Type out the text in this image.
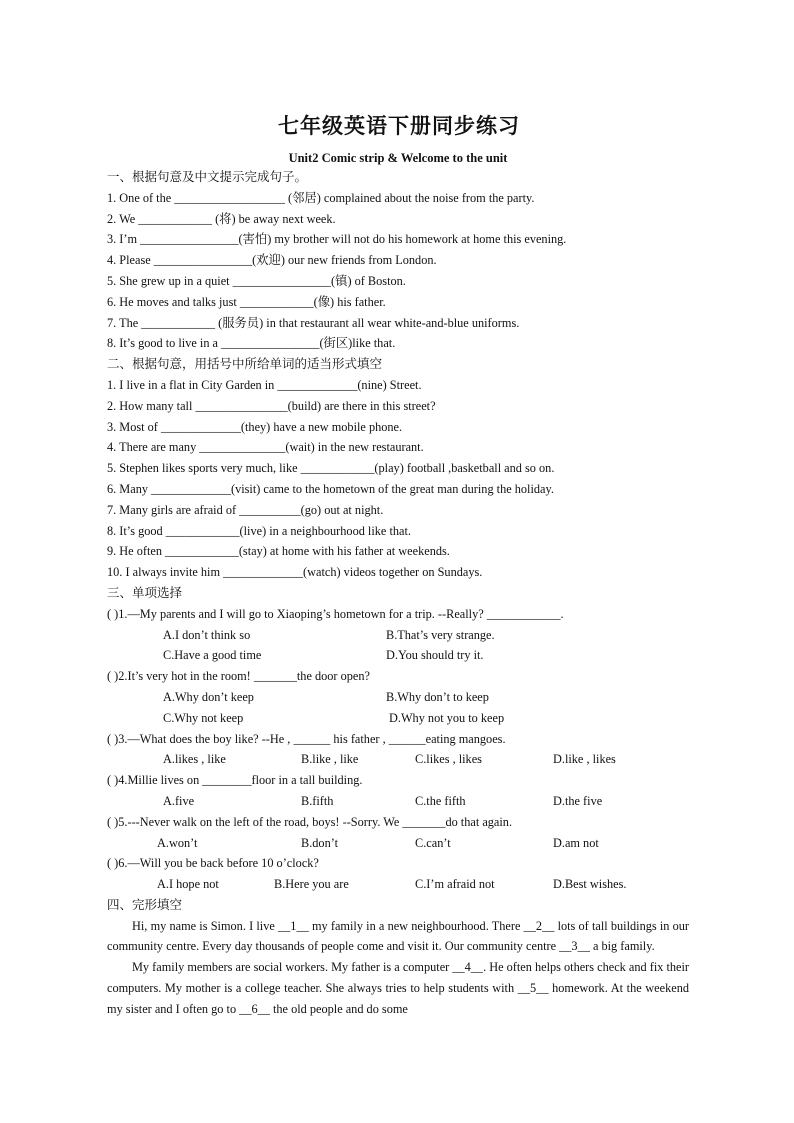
七年级英语下册同步练习
Unit2 Comic strip & Welcome to the unit
一、根据句意及中文提示完成句子。
1. One of the __________________ (邻居) complained about the noise from the party.
2. We ____________ (将) be away next week.
3. I’m ________________(害怕) my brother will not do his homework at home this evening.
4. Please ________________(欢迎) our new friends from London.
5. She grew up in a quiet ________________(镇) of Boston.
6. He moves and talks just ____________(像) his father.
7. The ____________ (服务员) in that restaurant all wear white-and-blue uniforms.
8. It’s good to live in a ________________(街区)like that.
二、根据句意，用括号中所给单词的适当形式填空
1. I live in a flat in City Garden in _____________(nine) Street.
2. How many tall _______________(build) are there in this street?
3. Most of _____________(they) have a new mobile phone.
4. There are many ______________(wait) in the new restaurant.
5. Stephen likes sports very much, like ____________(play) football ,basketball and so on.
6. Many _____________(visit) came to the hometown of the great man during the holiday.
7. Many girls are afraid of __________(go) out at night.
8. It’s good ____________(live) in a neighbourhood like that.
9. He often ____________(stay) at home with his father at weekends.
10. I always invite him _____________(watch) videos together on Sundays.
三、单项选择
( )1.—My parents and I will go to Xiaoping’s hometown for a trip. --Really? ____________.
A.I don’t think so	B.That’s very strange.
C.Have a good time	D.You should try it.
( )2.It’s very hot in the room! _______the door open?
A.Why don’t keep	B.Why don’t to keep
C.Why not keep	D.Why not you to keep
( )3.—What does the boy like? --He , ______ his father , ______eating mangoes.
A.likes , like	B.like , like	C.likes , likes	D.like , likes
( )4.Millie lives on ________floor in a tall building.
A.five	B.fifth	C.the fifth	D.the five
( )5.---Never walk on the left of the road, boys! --Sorry. We _______do that again.
A.won’t	B.don’t	C.can’t	D.am not
( )6.—Will you be back before 10 o’clock?
A.I hope not	B.Here you are	C.I’m afraid not	D.Best wishes.
四、完形填空

Hi, my name is Simon. I live __1__ my family in a new neighbourhood. There __2__ lots of tall buildings in our community centre. Every day thousands of people come and visit it. Our community centre __3__ a big family.

My family members are social workers. My father is a computer __4__. He often helps others check and fix their computers. My mother is a college teacher. She always tries to help students with __5__ homework. At the weekend my sister and I often go to __6__ the old people and do some
